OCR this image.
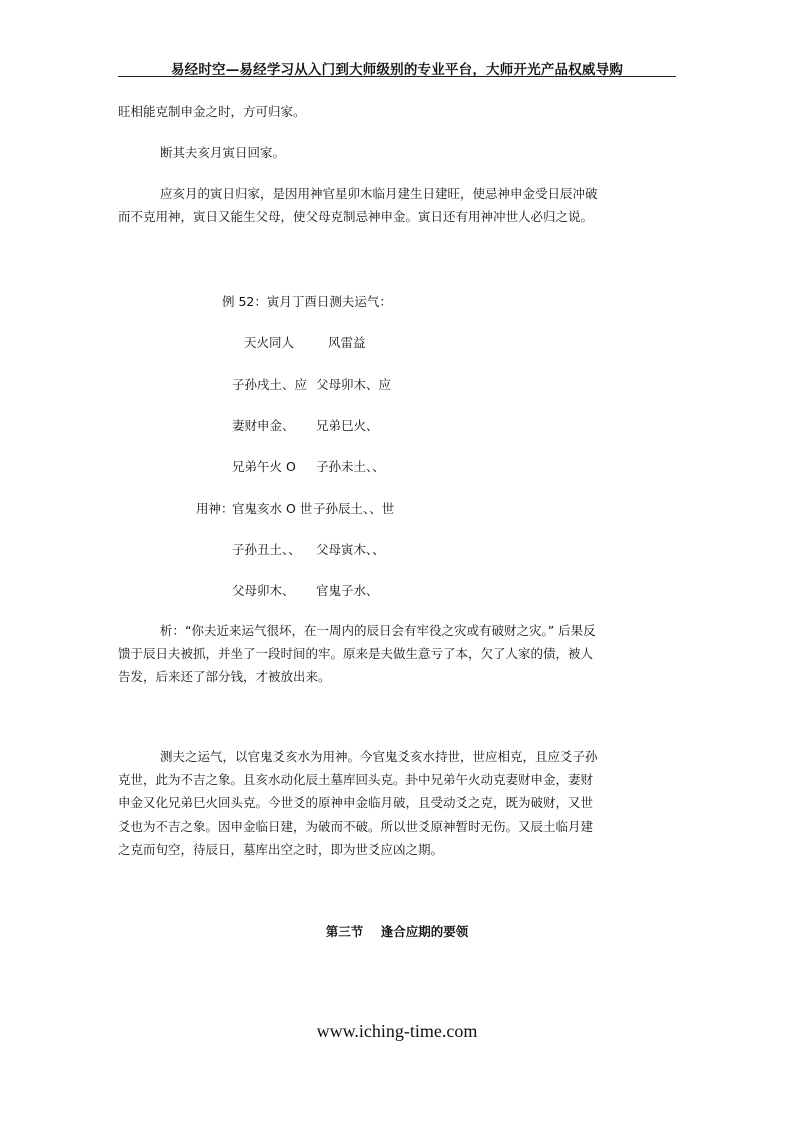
易经时空—易经学习从入门到大师级别的专业平台，大师开光产品权威导购
旺相能克制申金之时，方可归家。
断其夫亥月寅日回家。
应亥月的寅日归家，是因用神官星卯木临月建生日建旺，使忌神申金受日辰冲破
而不克用神，寅日又能生父母，使父母克制忌神申金。寅日还有用神冲世人必归之说。
例 52：寅月丁酉日测夫运气：
天火同人	风雷益
子孙戌土、应 父母卯木、应
妻财申金、 兄弟巳火、
兄弟午火 O 子孙未土、、
用神：
官鬼亥水 O 世 子孙辰土、、世
子孙丑土、、 父母寅木、、
父母卯木、 官鬼子水、
析：“你夫近来运气很坏，在一周内的辰日会有牢役之灾或有破财之灾。” 后果反
馈于辰日夫被抓，并坐了一段时间的牢。原来是夫做生意亏了本，欠了人家的债，被人
告发，后来还了部分钱，才被放出来。
测夫之运气，以官鬼爻亥水为用神。今官鬼爻亥水持世，世应相克，且应爻子孙
克世，此为不吉之象。且亥水动化辰土墓库回头克。卦中兄弟午火动克妻财申金，妻财
申金又化兄弟巳火回头克。今世爻的原神申金临月破，且受动爻之克，既为破财，又世
爻也为不吉之象。因申金临日建，为破而不破。所以世爻原神暂时无伤。又辰土临月建
之克而旬空，待辰日，墓库出空之时，即为世爻应凶之期。
第三节    逢合应期的要领
www.iching-time.com
